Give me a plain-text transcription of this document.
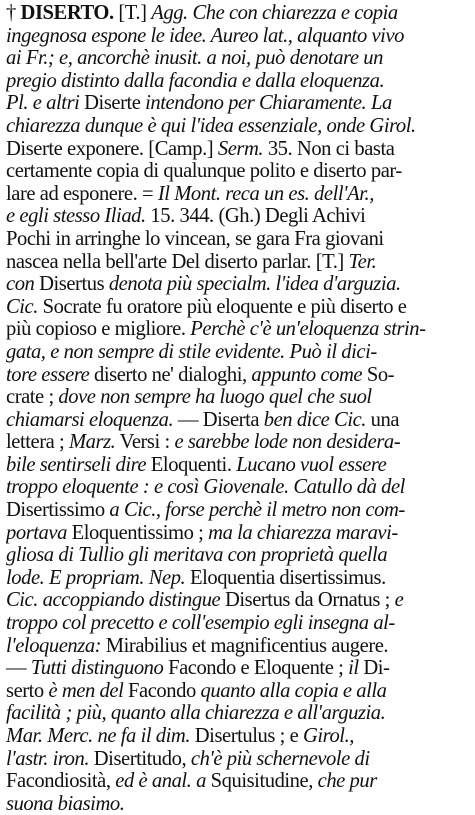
† DISERTO. [T.] Agg. Che con chiarezza e copia
ingegnosa espone le idee. Aureo lat., alquanto vivo
ai Fr.; e, ancorchè inusit. a noi, può denotare un
pregio distinto dalla facondia e dalla eloquenza.
Pl. e altri Diserte intendono per Chiaramente. La
chiarezza dunque è qui l'idea essenziale, onde Girol.
Diserte exponere. [Camp.] Serm. 35. Non ci basta
certamente copia di qualunque polito e diserto par-
lare ad esponere. = Il Mont. reca un es. dell'Ar.,
e egli stesso Iliad. 15. 344. (Gh.) Degli Achivi
Pochi in arringhe lo vincean, se gara Fra giovani
nascea nella bell'arte Del diserto parlar. [T.] Ter.
con Disertus denota più specialm. l'idea d'arguzia.
Cic. Socrate fu oratore più eloquente e più diserto e
più copioso e migliore. Perchè c'è un'eloquenza strin-
gata, e non sempre di stile evidente. Può il dici-
tore essere diserto ne' dialoghi, appunto come So-
crate ; dove non sempre ha luogo quel che suol
chiamarsi eloquenza. — Diserta ben dice Cic. una
lettera ; Marz. Versi : e sarebbe lode non desidera-
bile sentirseli dire Eloquenti. Lucano vuol essere
troppo eloquente : e così Giovenale. Catullo dà del
Disertissimo a Cic., forse perchè il metro non com-
portava Eloquentissimo ; ma la chiarezza maravi-
gliosa di Tullio gli meritava con proprietà quella
lode. E propriam. Nep. Eloquentia disertissimus.
Cic. accoppiando distingue Disertus da Ornatus ; e
troppo col precetto e coll'esempio egli insegna al-
l'eloquenza: Mirabilius et magnificentius augere.
— Tutti distinguono Facondo e Eloquente ; il Di-
serto è men del Facondo quanto alla copia e alla
facilità ; più, quanto alla chiarezza e all'arguzia.
Mar. Merc. ne fa il dim. Disertulus ; e Girol.,
l'astr. iron. Disertitudo, ch'è più schernevole di
Facondiosità, ed è anal. a Squisitudine, che pur
suona biasimo.
